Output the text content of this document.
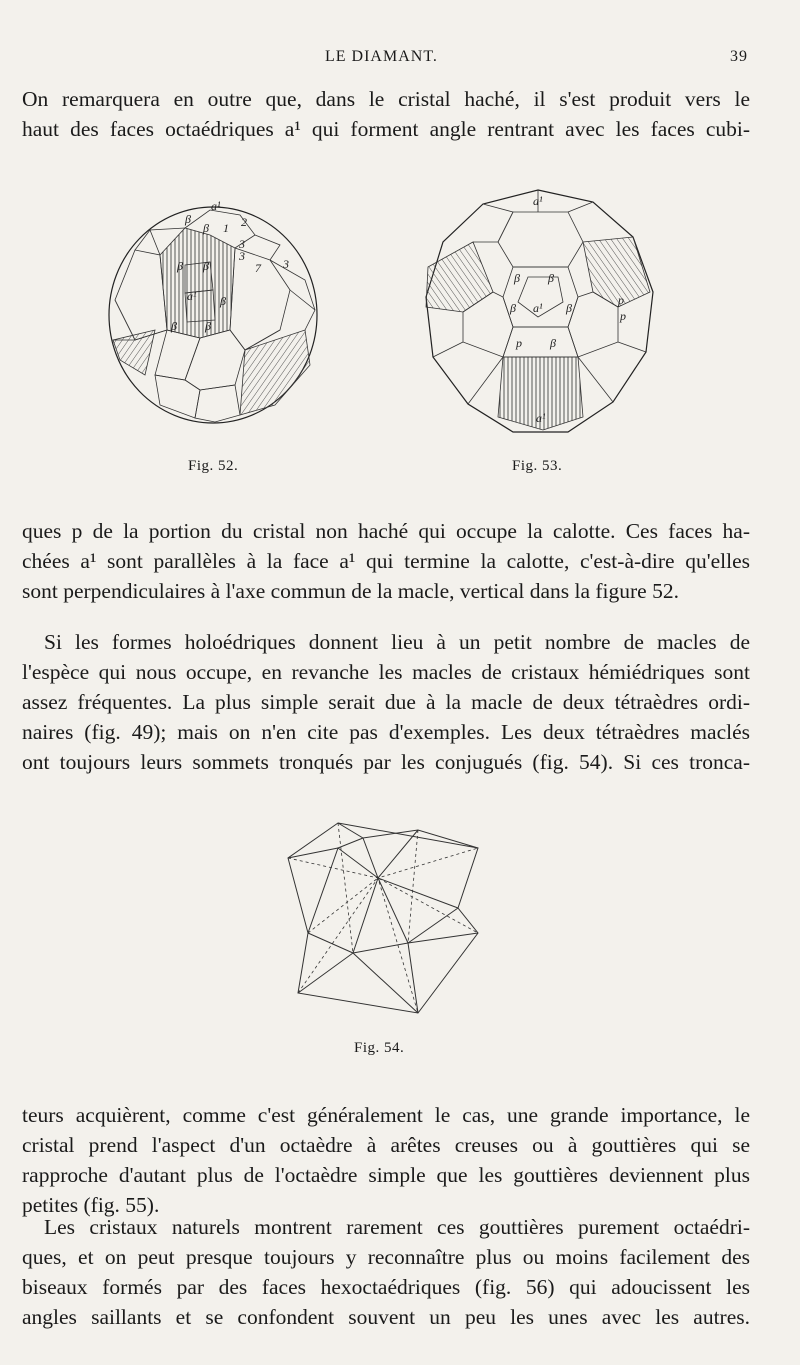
LE DIAMANT.	39

On remarquera en outre que, dans le cristal haché, il s'est produit vers le
haut des faces octaédriques a¹ qui forment angle rentrant avec les faces cubi-

a¹
β
β 1 2
3
3
7 3
β β
a¹ β
β β
Fig. 52.
a¹
β β
β a¹ β
p
p
p β
a¹
Fig. 53.

ques p de la portion du cristal non haché qui occupe la calotte. Ces faces ha-
chées a¹ sont parallèles à la face a¹ qui termine la calotte, c'est-à-dire qu'elles
sont perpendiculaires à l'axe commun de la macle, vertical dans la figure 52.

Si les formes holoédriques donnent lieu à un petit nombre de macles de
l'espèce qui nous occupe, en revanche les macles de cristaux hémiédriques sont
assez fréquentes. La plus simple serait due à la macle de deux tétraèdres ordi-
naires (fig. 49); mais on n'en cite pas d'exemples. Les deux tétraèdres maclés
ont toujours leurs sommets tronqués par les conjugués (fig. 54). Si ces tronca-

Fig. 54.

teurs acquièrent, comme c'est généralement le cas, une grande importance, le
cristal prend l'aspect d'un octaèdre à arêtes creuses ou à gouttières qui se
rapproche d'autant plus de l'octaèdre simple que les gouttières deviennent plus
petites (fig. 55).

Les cristaux naturels montrent rarement ces gouttières purement octaédri-
ques, et on peut presque toujours y reconnaître plus ou moins facilement des
biseaux formés par des faces hexoctaédriques (fig. 56) qui adoucissent les
angles saillants et se confondent souvent un peu les unes avec les autres.
